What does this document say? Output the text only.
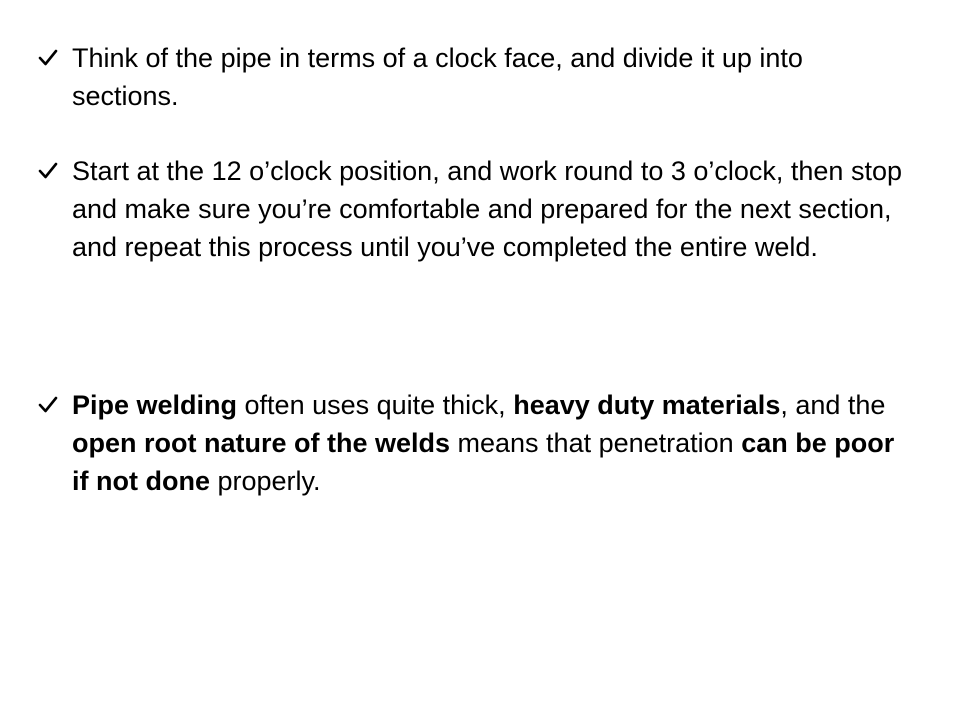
Think of the pipe in terms of a clock face, and divide it up into sections.
Start at the 12 o’clock position, and work round to 3 o’clock, then stop and make sure you’re comfortable and prepared for the next section, and repeat this process until you’ve completed the entire weld.
Pipe welding often uses quite thick, heavy duty materials, and the open root nature of the welds means that penetration can be poor if not done properly.
